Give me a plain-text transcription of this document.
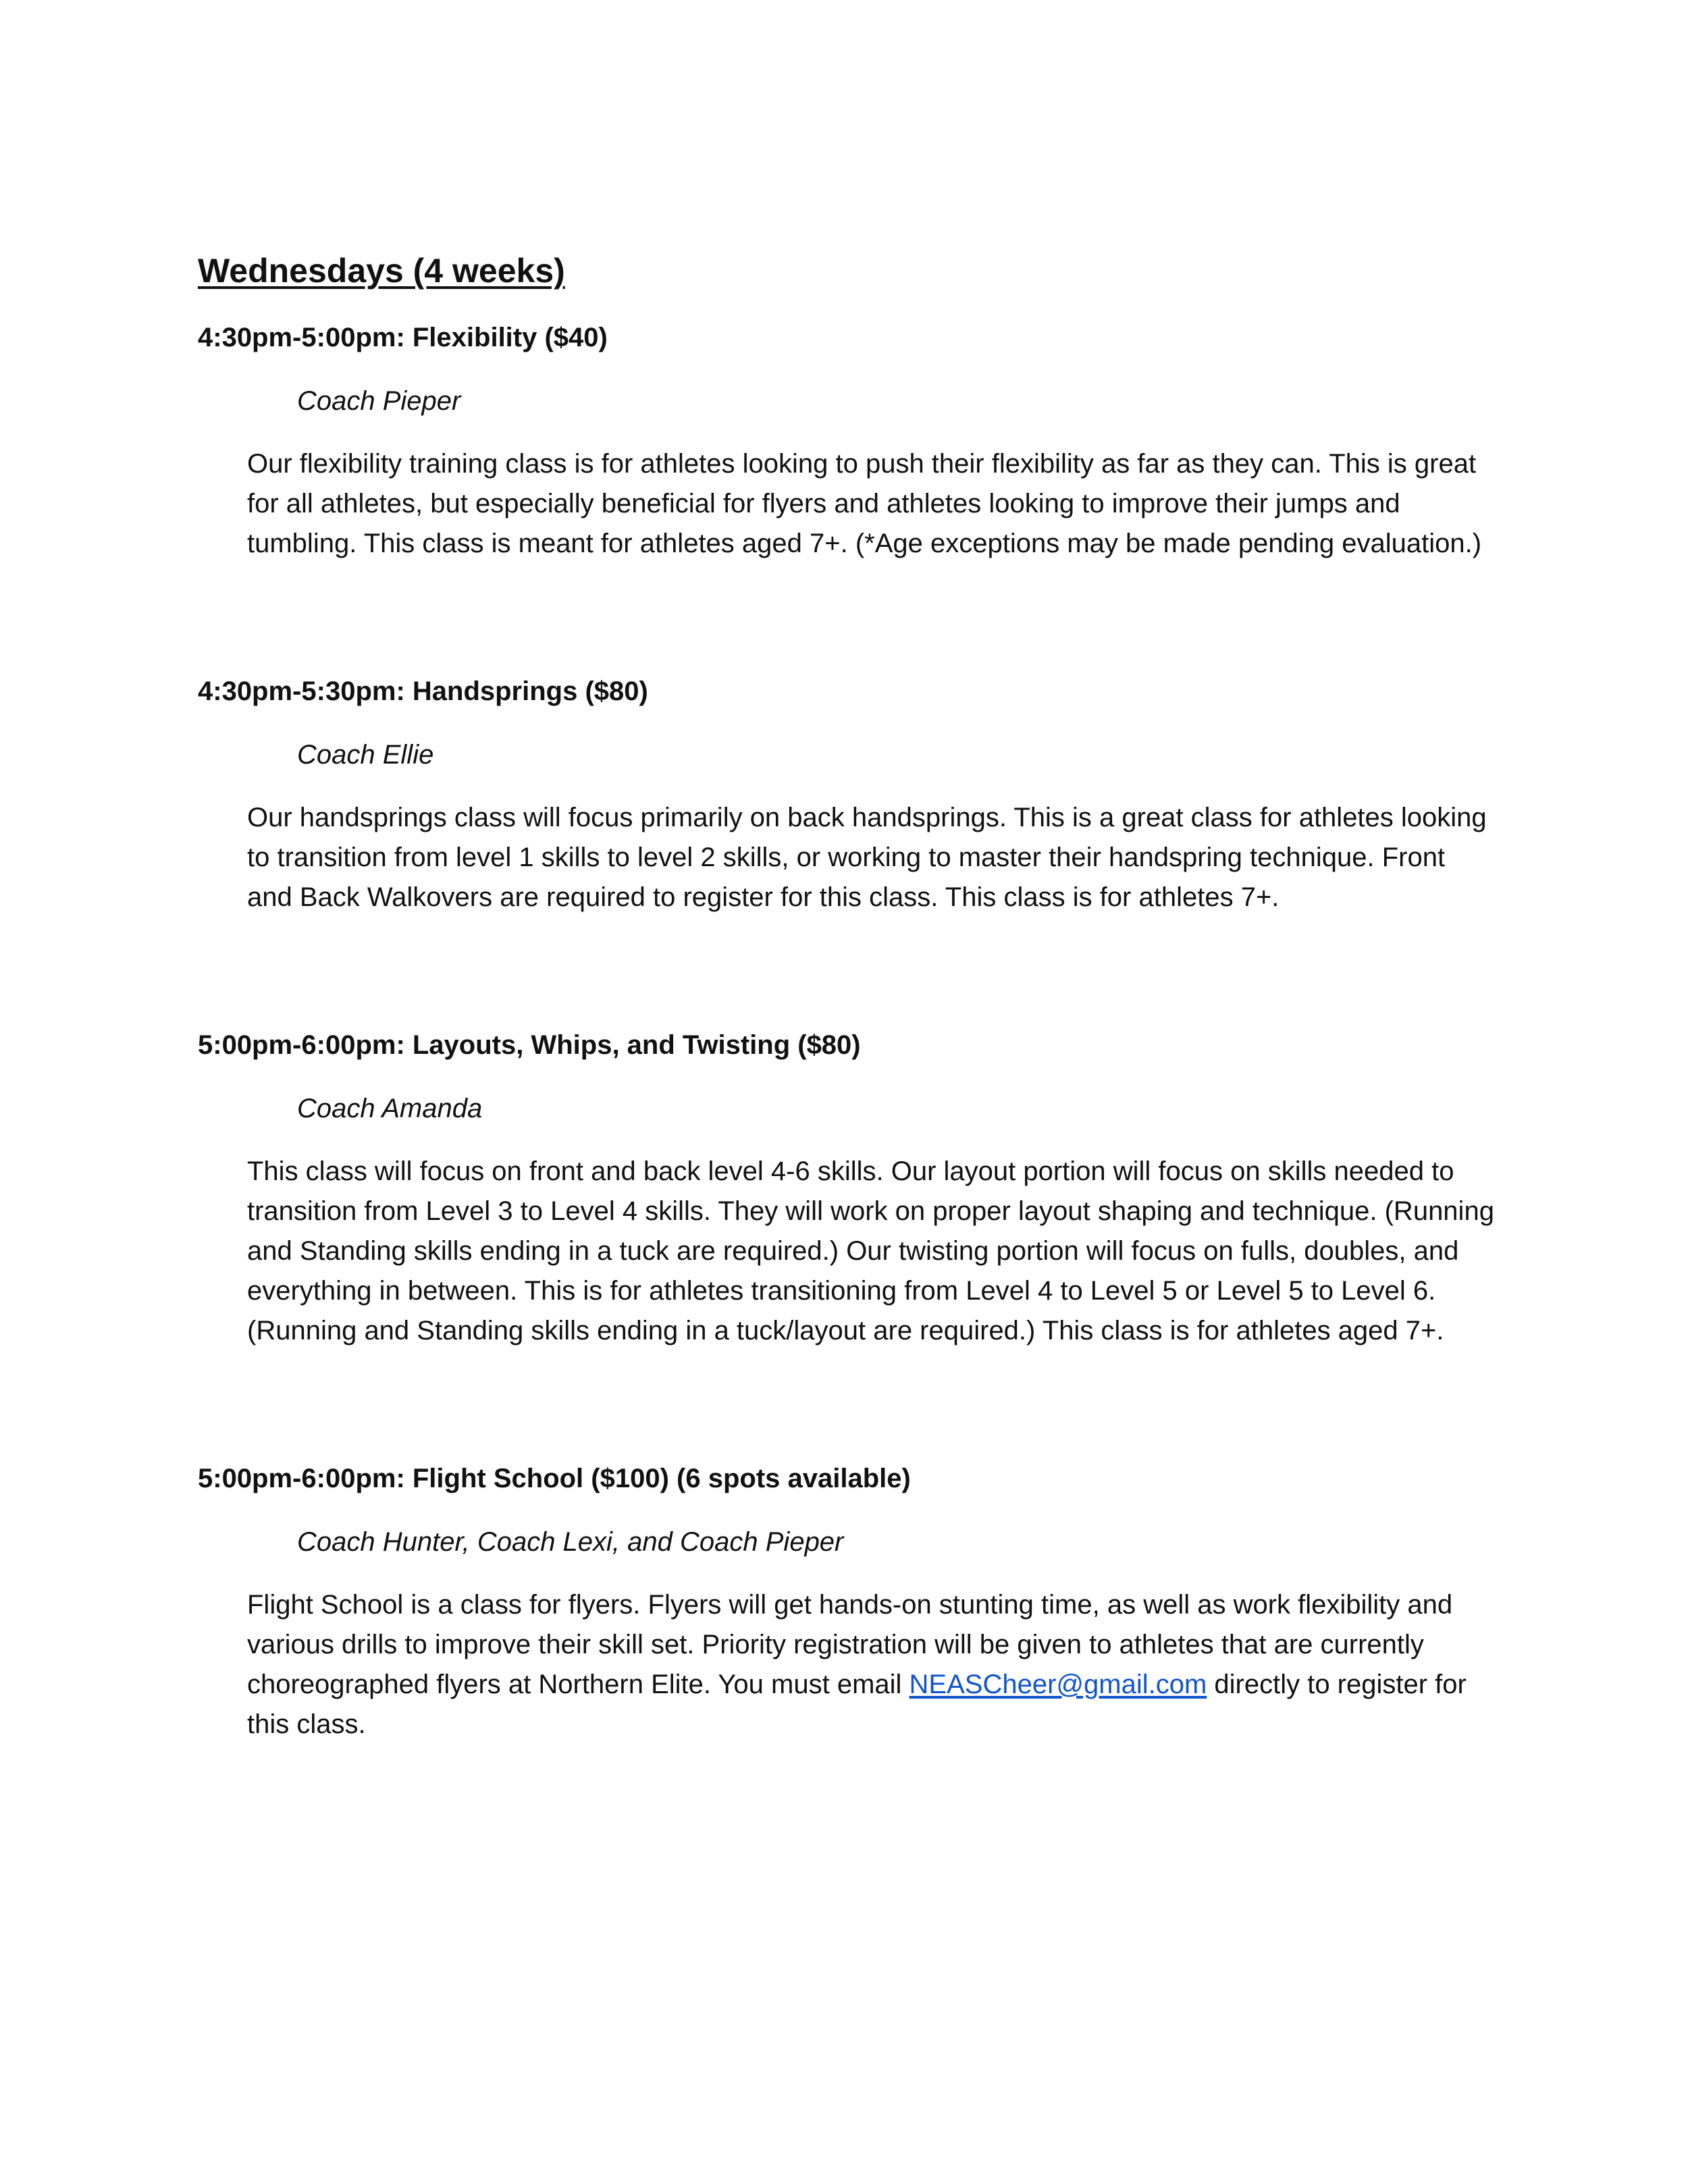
Wednesdays (4 weeks)
4:30pm-5:00pm: Flexibility ($40)
Coach Pieper

Our flexibility training class is for athletes looking to push their flexibility as far as they can. This is great for all athletes, but especially beneficial for flyers and athletes looking to improve their jumps and tumbling. This class is meant for athletes aged 7+. (*Age exceptions may be made pending evaluation.)

4:30pm-5:30pm: Handsprings ($80)
Coach Ellie

Our handsprings class will focus primarily on back handsprings. This is a great class for athletes looking to transition from level 1 skills to level 2 skills, or working to master their handspring technique. Front and Back Walkovers are required to register for this class. This class is for athletes 7+.

5:00pm-6:00pm: Layouts, Whips, and Twisting ($80)
Coach Amanda

This class will focus on front and back level 4-6 skills. Our layout portion will focus on skills needed to transition from Level 3 to Level 4 skills. They will work on proper layout shaping and technique. (Running and Standing skills ending in a tuck are required.) Our twisting portion will focus on fulls, doubles, and everything in between. This is for athletes transitioning from Level 4 to Level 5 or Level 5 to Level 6. (Running and Standing skills ending in a tuck/layout are required.) This class is for athletes aged 7+.

5:00pm-6:00pm: Flight School ($100) (6 spots available)
Coach Hunter, Coach Lexi, and Coach Pieper

Flight School is a class for flyers. Flyers will get hands-on stunting time, as well as work flexibility and various drills to improve their skill set. Priority registration will be given to athletes that are currently choreographed flyers at Northern Elite. You must email NEASCheer@gmail.com directly to register for this class.
